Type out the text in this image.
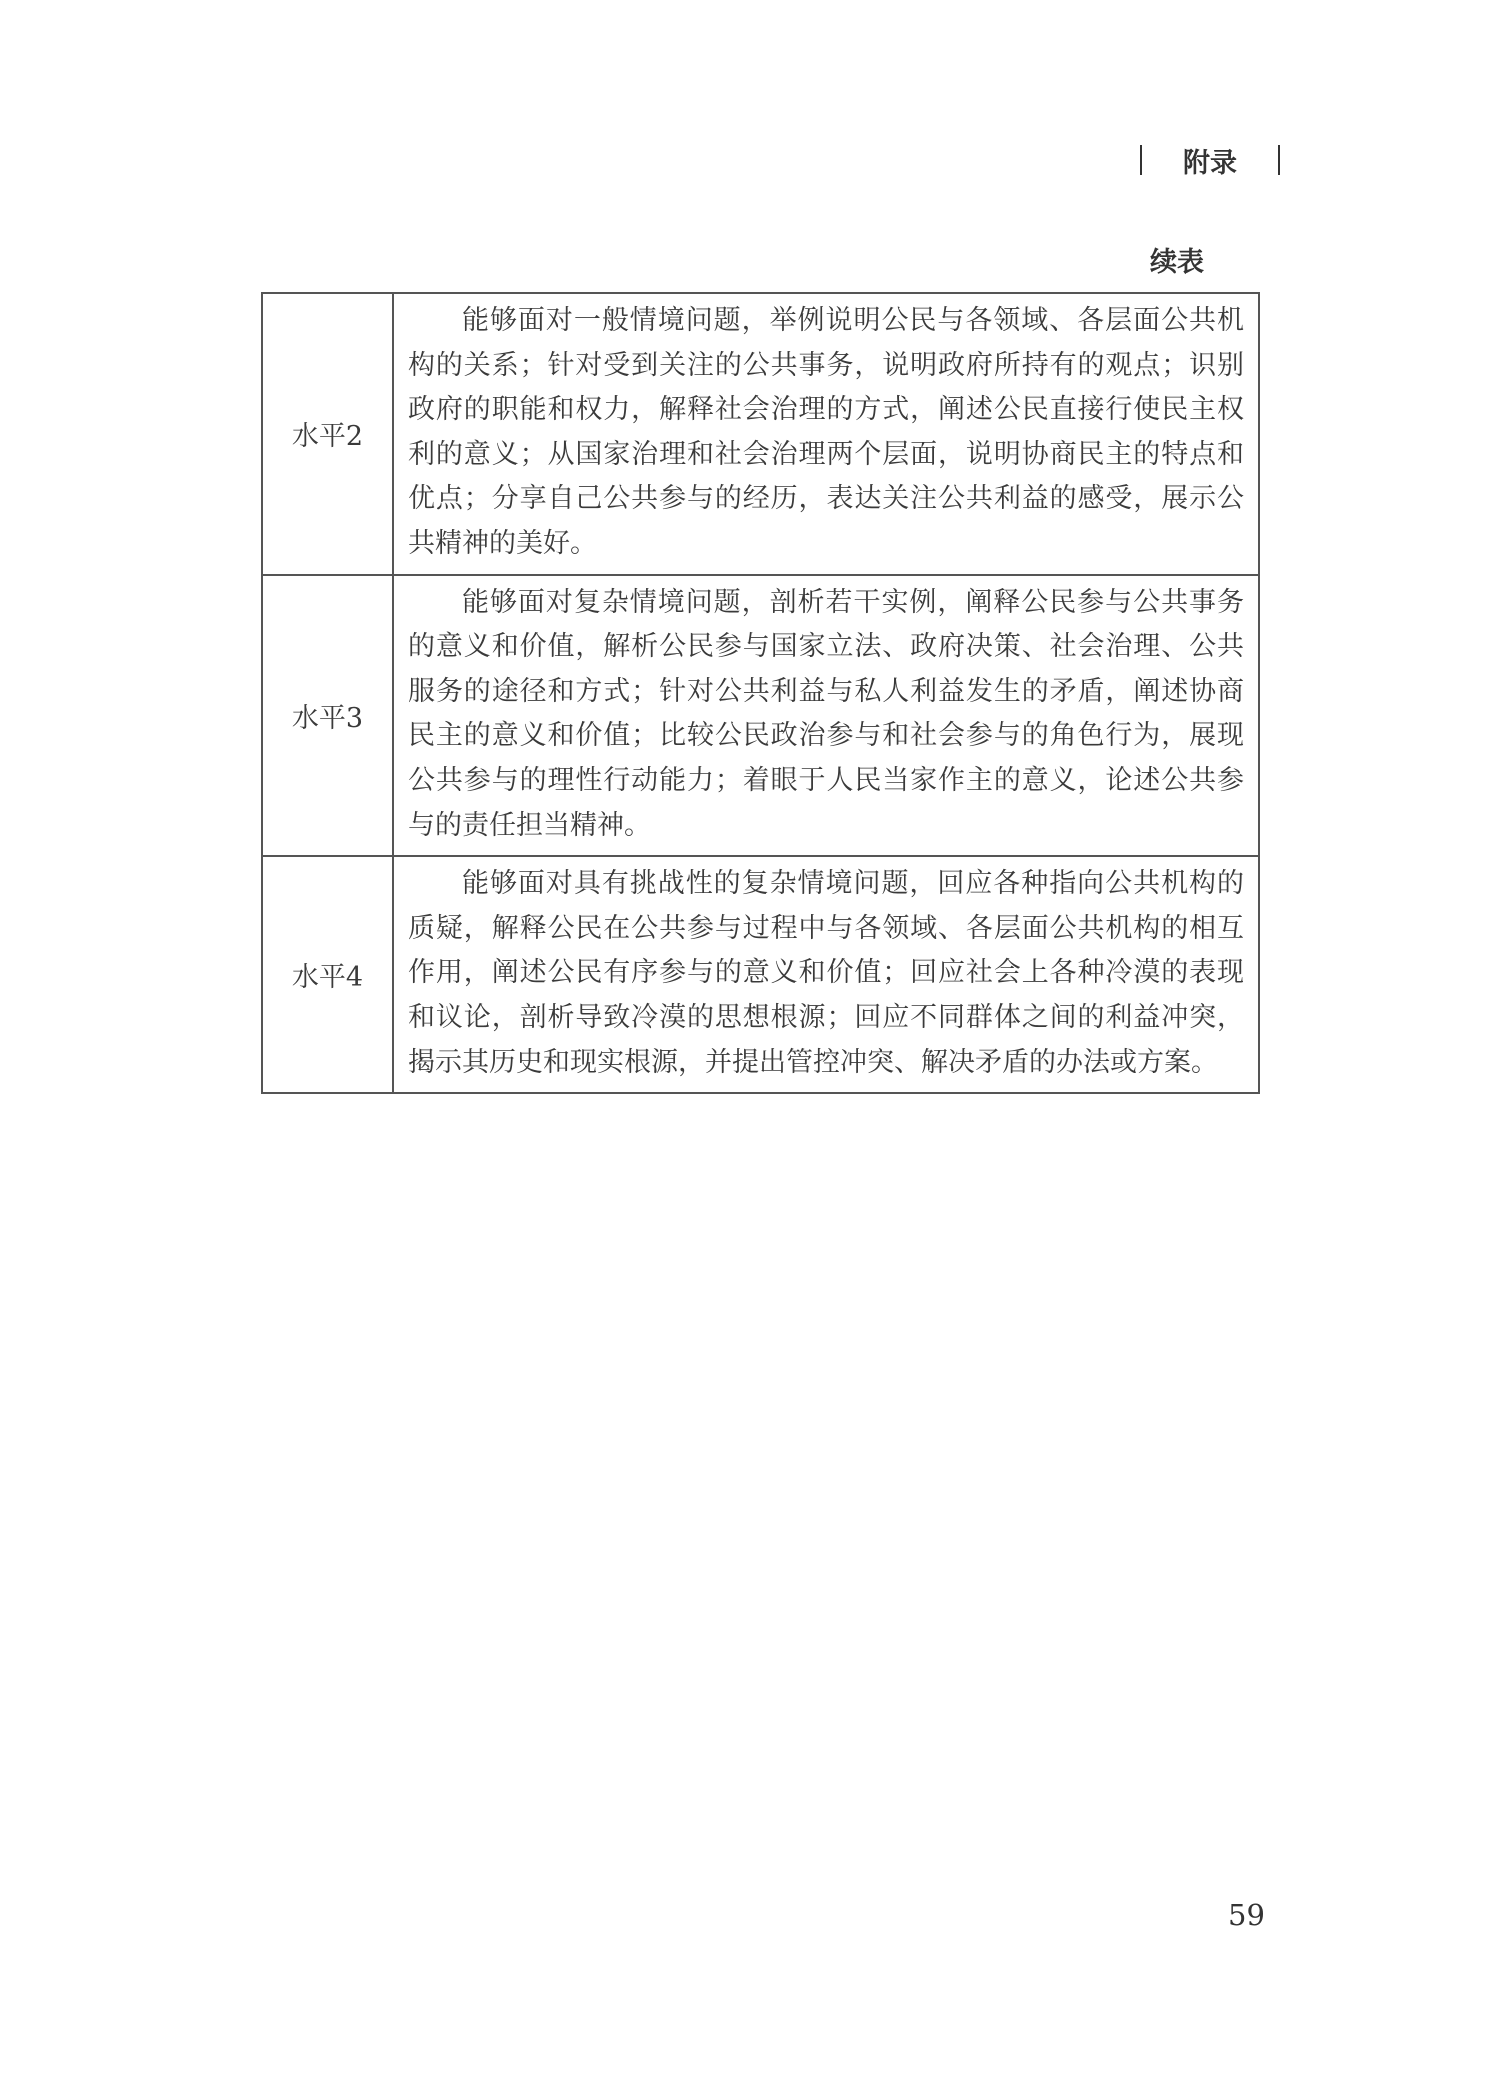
附录
续表
水平2	能够面对一般情境问题，举例说明公民与各领域、各层面公共机构的关系；针对受到关注的公共事务，说明政府所持有的观点；识别政府的职能和权力，解释社会治理的方式，阐述公民直接行使民主权利的意义；从国家治理和社会治理两个层面，说明协商民主的特点和优点；分享自己公共参与的经历，表达关注公共利益的感受，展示公共精神的美好。
水平3	能够面对复杂情境问题，剖析若干实例，阐释公民参与公共事务的意义和价值，解析公民参与国家立法、政府决策、社会治理、公共服务的途径和方式；针对公共利益与私人利益发生的矛盾，阐述协商民主的意义和价值；比较公民政治参与和社会参与的角色行为，展现公共参与的理性行动能力；着眼于人民当家作主的意义，论述公共参与的责任担当精神。
水平4	能够面对具有挑战性的复杂情境问题，回应各种指向公共机构的质疑，解释公民在公共参与过程中与各领域、各层面公共机构的相互作用，阐述公民有序参与的意义和价值；回应社会上各种冷漠的表现和议论，剖析导致冷漠的思想根源；回应不同群体之间的利益冲突，揭示其历史和现实根源，并提出管控冲突、解决矛盾的办法或方案。
59
